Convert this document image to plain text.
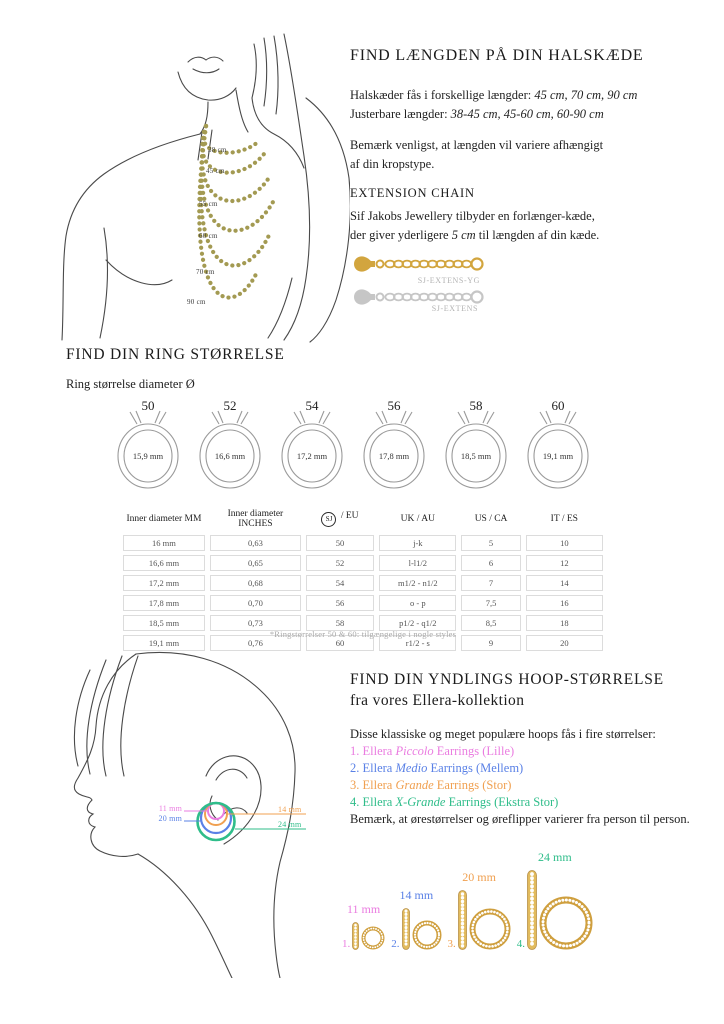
38 cm
45 cm
55 cm
60 cm
70 cm
90 cm
FIND LÆNGDEN PÅ DIN HALSKÆDE
Halskæder fås i forskellige længder: 45 cm, 70 cm, 90 cm
Justerbare længder: 38-45 cm, 45-60 cm, 60-90 cm
Bemærk venligst, at længden vil variere afhængigt
af din kropstype.
EXTENSION CHAIN
Sif Jakobs Jewellery tilbyder en forlænger-kæde,
der giver yderligere 5 cm til længden af din kæde.
SJ-EXTENS-YG
SJ-EXTENS
FIND DIN RING STØRRELSE
Ring størrelse diameter Ø
50
15,9 mm
52
16,6 mm
54
17,2 mm
56
17,8 mm
58
18,5 mm
60
19,1 mm
Inner diameter MM	Inner diameter INCHES	SJ / EU	UK / AU	US / CA	IT / ES
16 mm	0,63	50	j-k	5	10
16,6 mm	0,65	52	l-l1/2	6	12
17,2 mm	0,68	54	m1/2 - n1/2	7	14
17,8 mm	0,70	56	o - p	7,5	16
18,5 mm	0,73	58	p1/2 - q1/2	8,5	18
19,1 mm	0,76	60	r1/2 - s	9	20
*Ringstørrelser 50 & 60: tilgængelige i nogle styles
11 mm
20 mm
14 mm
24 mm
FIND DIN YNDLINGS HOOP-STØRRELSE
fra vores Ellera-kollektion
Disse klassiske og meget populære hoops fås i fire størrelser:
1. Ellera Piccolo Earrings (Lille)
2. Ellera Medio Earrings (Mellem)
3. Ellera Grande Earrings (Stor)
4. Ellera X-Grande Earrings (Ekstra Stor)
Bemærk, at ørestørrelser og øreflipper varierer fra person til person.
11 mm
1.
14 mm
2.
20 mm
3.
24 mm
4.
